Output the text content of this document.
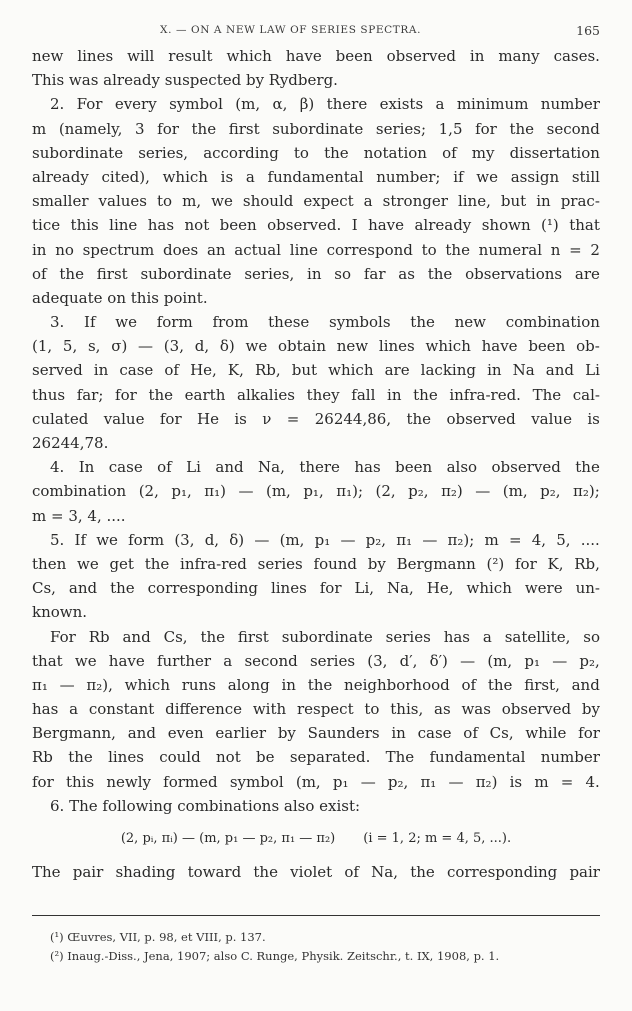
X. — ON A NEW LAW OF SERIES SPECTRA.	165
new lines will result which have been observed in many cases.
This was already suspected by Rydberg.
2. For every symbol (m, α, β) there exists a minimum number
m (namely, 3 for the first subordinate series; 1,5 for the second
subordinate series, according to the notation of my dissertation
already cited), which is a fundamental number; if we assign still
smaller values to m, we should expect a stronger line, but in prac-
tice this line has not been observed. I have already shown (¹) that
in no spectrum does an actual line correspond to the numeral n = 2
of the first subordinate series, in so far as the observations are
adequate on this point.
3. If we form from these symbols the new combination
(1, 5, s, σ) — (3, d, δ) we obtain new lines which have been ob-
served in case of He, K, Rb, but which are lacking in Na and Li
thus far; for the earth alkalies they fall in the infra-red. The cal-
culated value for He is ν = 26244,86, the observed value is
26244,78.
4. In case of Li and Na, there has been also observed the
combination (2, p₁, π₁) — (m, p₁, π₁); (2, p₂, π₂) — (m, p₂, π₂);
m = 3, 4, ....
5. If we form (3, d, δ) — (m, p₁ — p₂, π₁ — π₂); m = 4, 5, ....
then we get the infra-red series found by Bergmann (²) for K, Rb,
Cs, and the corresponding lines for Li, Na, He, which were un-
known.
For Rb and Cs, the first subordinate series has a satellite, so
that we have further a second series (3, d′, δ′) — (m, p₁ — p₂,
π₁ — π₂), which runs along in the neighborhood of the first, and
has a constant difference with respect to this, as was observed by
Bergmann, and even earlier by Saunders in case of Cs, while for
Rb the lines could not be separated. The fundamental number
for this newly formed symbol (m, p₁ — p₂, π₁ — π₂) is m = 4.
6. The following combinations also exist:
(2, pᵢ, πᵢ) — (m, p₁ — p₂, π₁ — π₂) (i = 1, 2; m = 4, 5, ...).
The pair shading toward the violet of Na, the corresponding pair
(¹) Œuvres, VII, p. 98, et VIII, p. 137.
(²) Inaug.-Diss., Jena, 1907; also C. Runge, Physik. Zeitschr., t. IX, 1908, p. 1.
